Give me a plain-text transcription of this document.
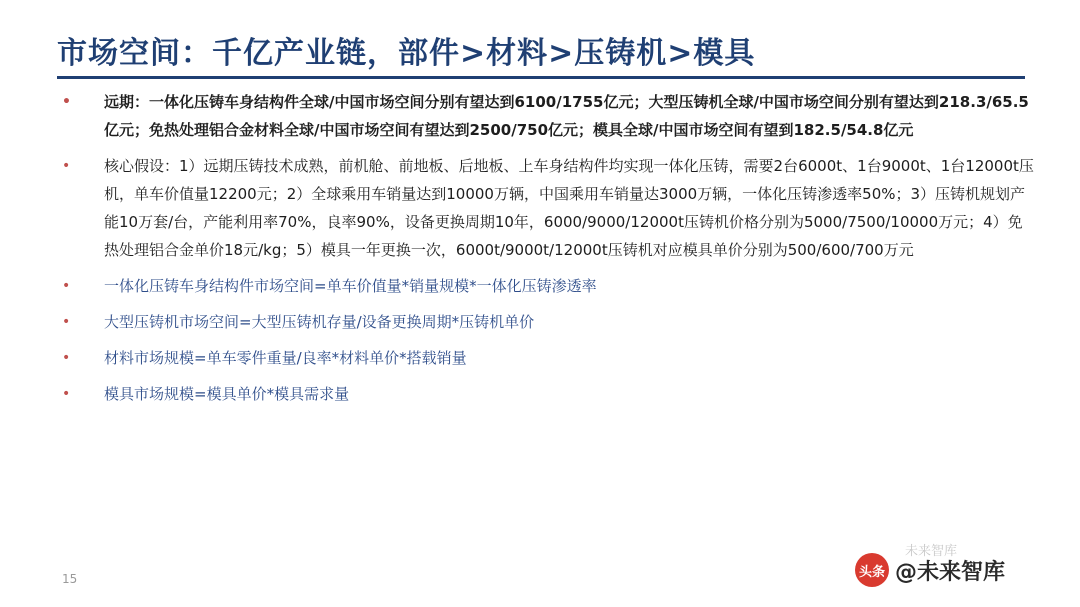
市场空间：千亿产业链，部件>材料>压铸机>模具
• 远期：一体化压铸车身结构件全球/中国市场空间分别有望达到6100/1755亿元；大型压铸机全球/中国市场空间分别有望达到218.3/65.5亿元；免热处理铝合金材料全球/中国市场空间有望达到2500/750亿元；模具全球/中国市场空间有望到182.5/54.8亿元
• 核心假设：1）远期压铸技术成熟，前机舱、前地板、后地板、上车身结构件均实现一体化压铸，需要2台6000t、1台9000t、1台12000t压机，单车价值量12200元；2）全球乘用车销量达到10000万辆，中国乘用车销量达3000万辆，一体化压铸渗透率50%；3）压铸机规划产能10万套/台，产能利用率70%，良率90%，设备更换周期10年，6000/9000/12000t压铸机价格分别为5000/7500/10000万元；4）免热处理铝合金单价18元/kg；5）模具一年更换一次，6000t/9000t/12000t压铸机对应模具单价分别为500/600/700万元
• 一体化压铸车身结构件市场空间=单车价值量*销量规模*一体化压铸渗透率
• 大型压铸机市场空间=大型压铸机存量/设备更换周期*压铸机单价
• 材料市场规模=单车零件重量/良率*材料单价*搭载销量
• 模具市场规模=模具单价*模具需求量
15
未来智库
头条 @未来智库
